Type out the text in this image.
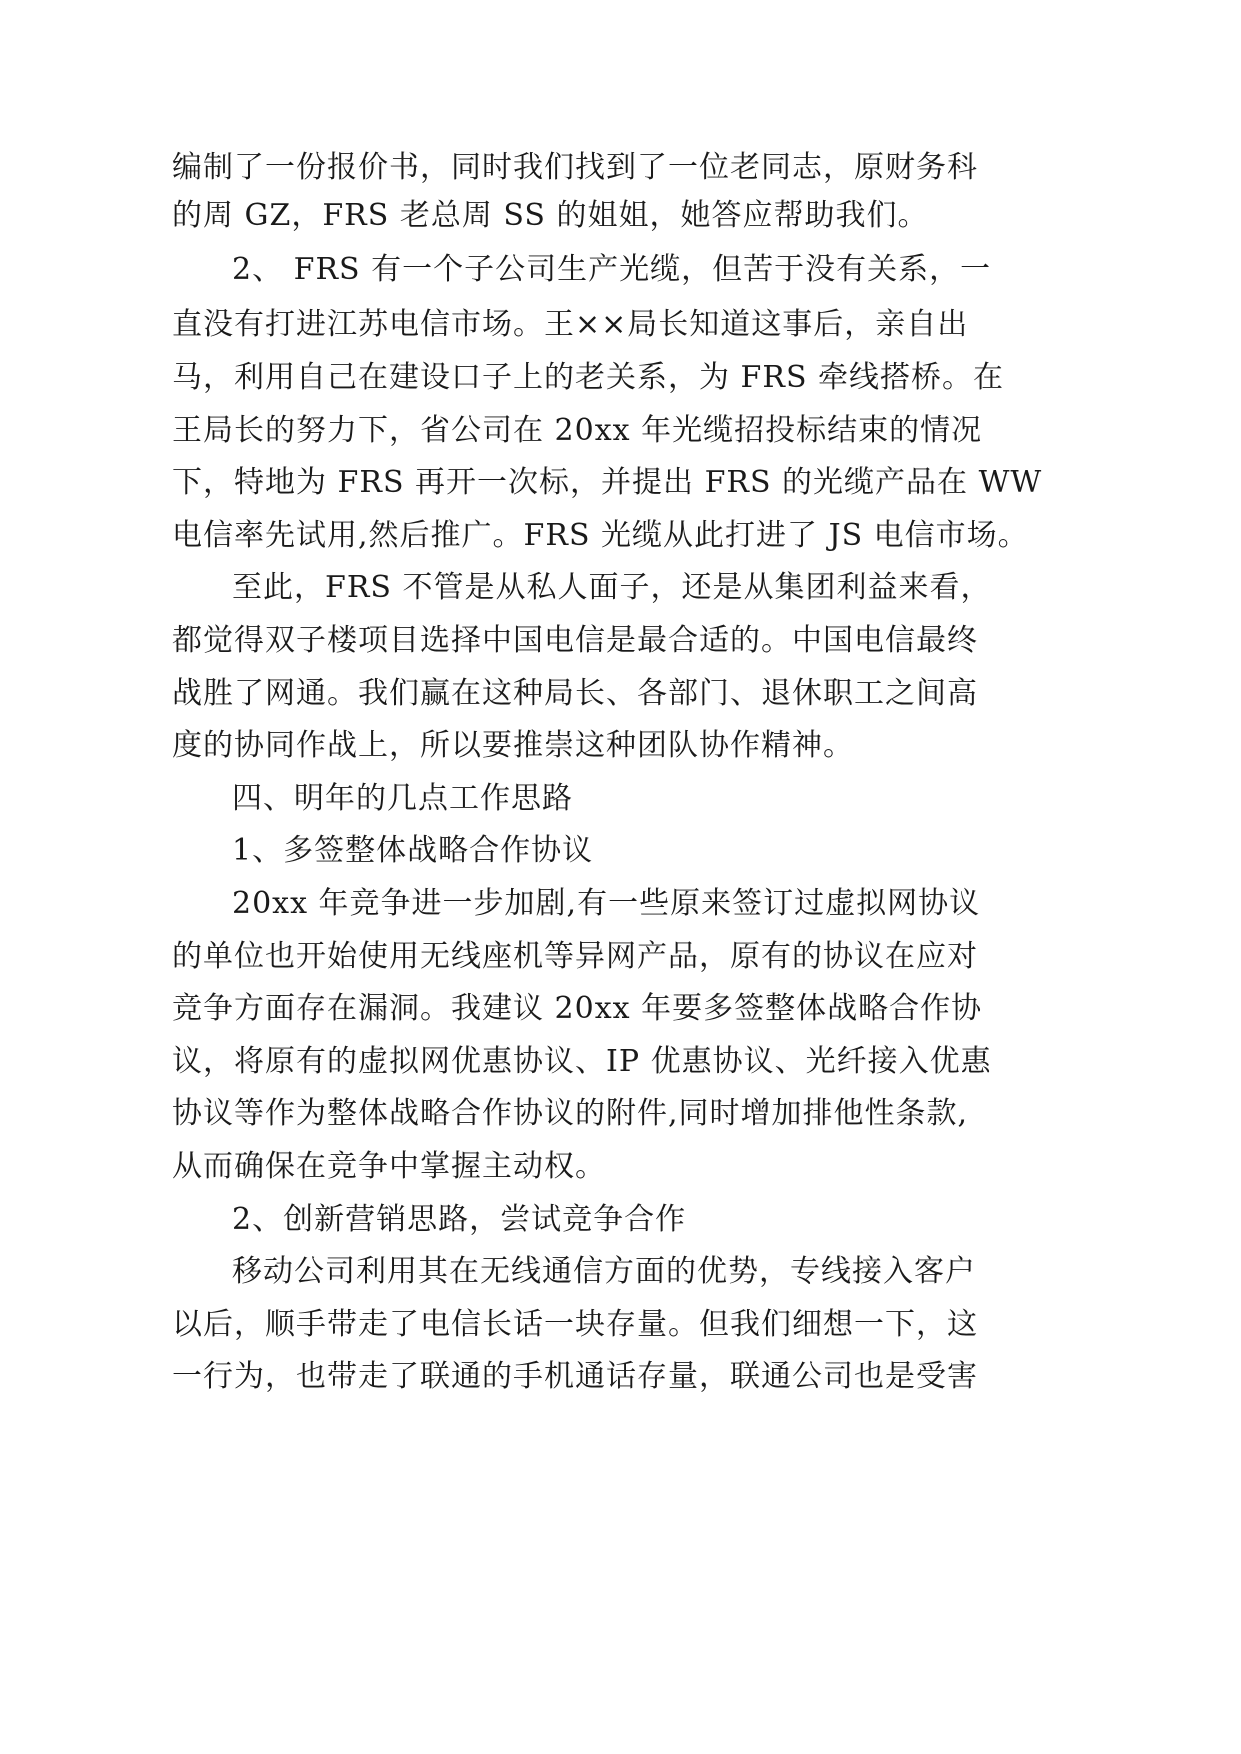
编制了一份报价书，同时我们找到了一位老同志，原财务科
的周 GZ，FRS 老总周 SS 的姐姐，她答应帮助我们。
2、 FRS 有一个子公司生产光缆，但苦于没有关系，一
直没有打进江苏电信市场。王××局长知道这事后，亲自出
马，利用自己在建设口子上的老关系，为 FRS 牵线搭桥。在
王局长的努力下，省公司在 20xx 年光缆招投标结束的情况
下，特地为 FRS 再开一次标，并提出 FRS 的光缆产品在 WW
电信率先试用,然后推广。FRS 光缆从此打进了 JS 电信市场。
至此，FRS 不管是从私人面子，还是从集团利益来看，
都觉得双子楼项目选择中国电信是最合适的。中国电信最终
战胜了网通。我们赢在这种局长、各部门、退休职工之间高
度的协同作战上，所以要推崇这种团队协作精神。
四、明年的几点工作思路
1、多签整体战略合作协议
20xx 年竞争进一步加剧,有一些原来签订过虚拟网协议
的单位也开始使用无线座机等异网产品，原有的协议在应对
竞争方面存在漏洞。我建议 20xx 年要多签整体战略合作协
议，将原有的虚拟网优惠协议、IP 优惠协议、光纤接入优惠
协议等作为整体战略合作协议的附件,同时增加排他性条款,
从而确保在竞争中掌握主动权。
2、创新营销思路，尝试竞争合作
移动公司利用其在无线通信方面的优势，专线接入客户
以后，顺手带走了电信长话一块存量。但我们细想一下，这
一行为，也带走了联通的手机通话存量，联通公司也是受害
